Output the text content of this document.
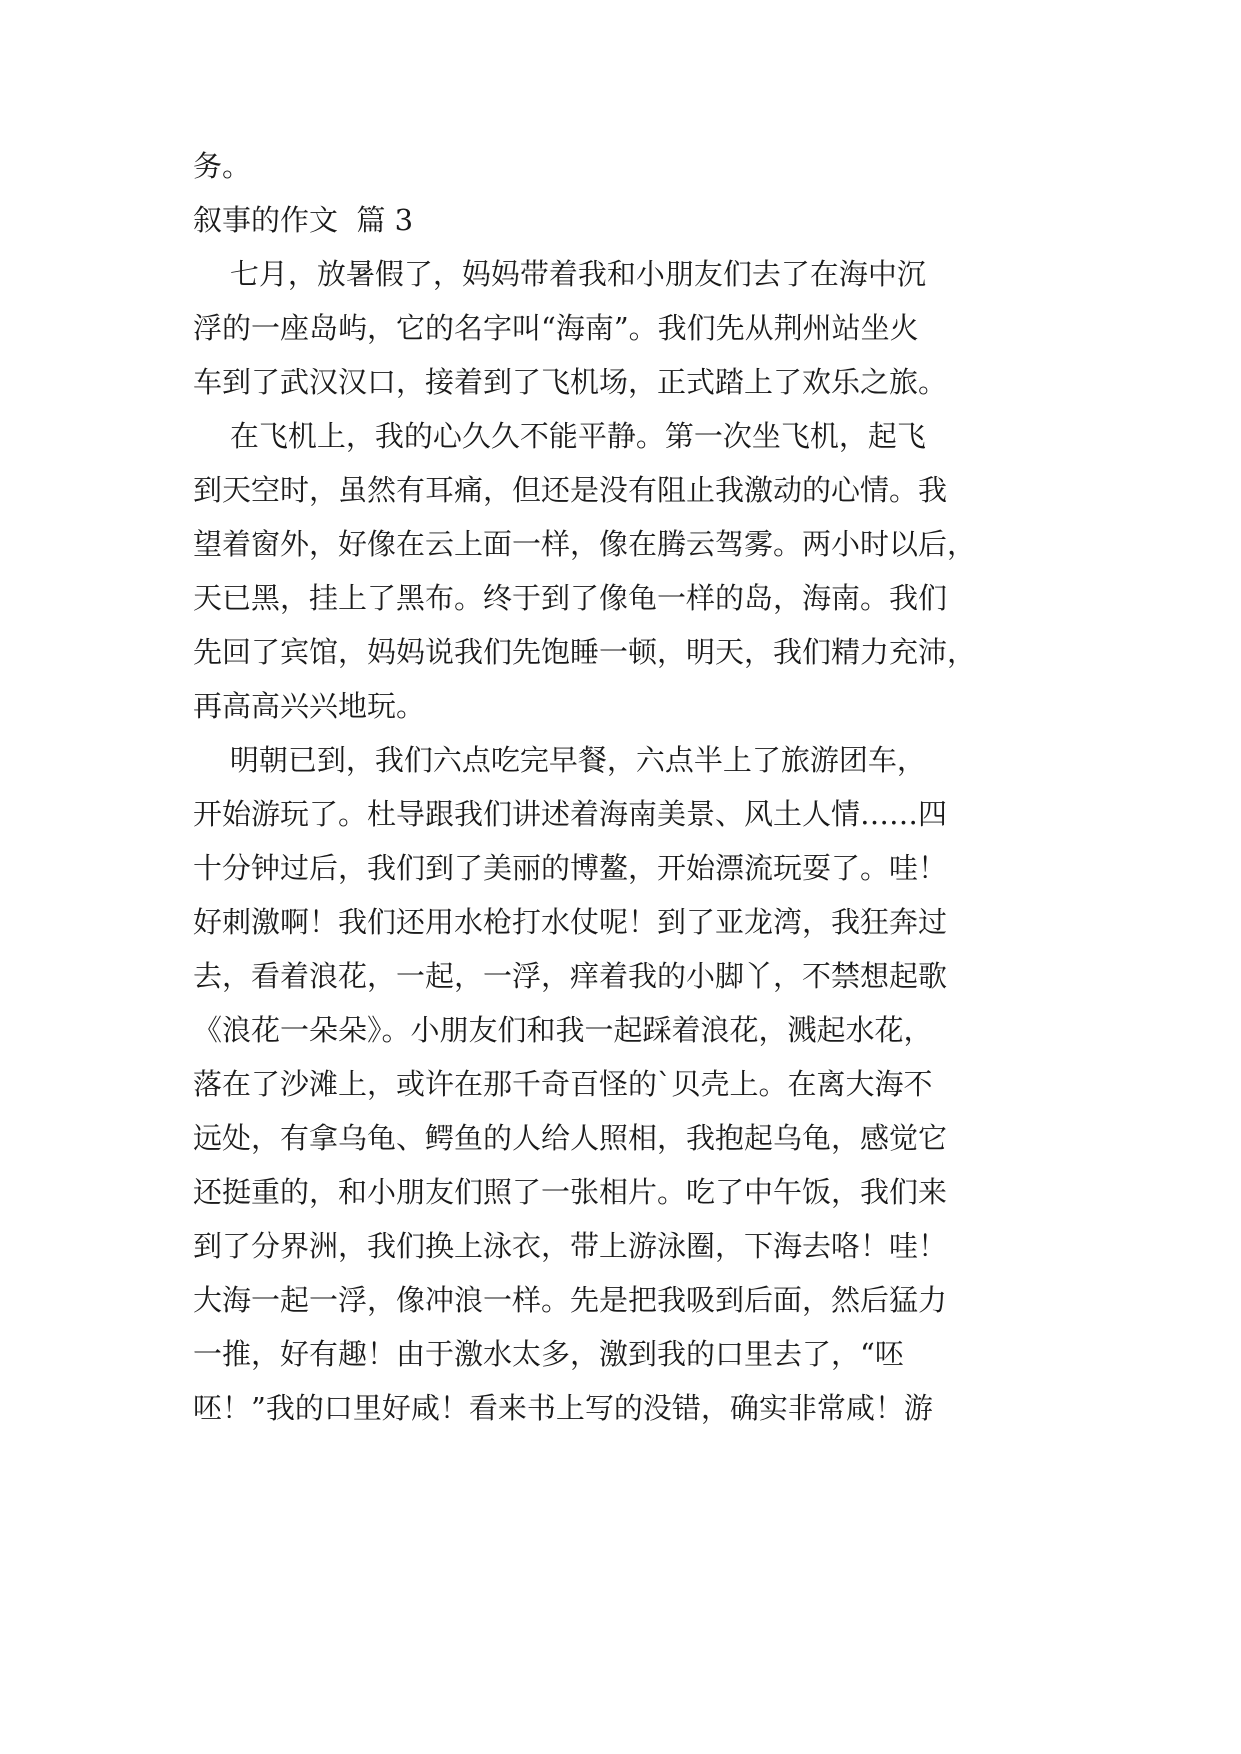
务。
叙事的作文  篇 3
七月，放暑假了，妈妈带着我和小朋友们去了在海中沉
浮的一座岛屿，它的名字叫“海南”。我们先从荆州站坐火
车到了武汉汉口，接着到了飞机场，正式踏上了欢乐之旅。
在飞机上，我的心久久不能平静。第一次坐飞机，起飞
到天空时，虽然有耳痛，但还是没有阻止我激动的心情。我
望着窗外，好像在云上面一样，像在腾云驾雾。两小时以后，
天已黑，挂上了黑布。终于到了像龟一样的岛，海南。我们
先回了宾馆，妈妈说我们先饱睡一顿，明天，我们精力充沛，
再高高兴兴地玩。
明朝已到，我们六点吃完早餐，六点半上了旅游团车，
开始游玩了。杜导跟我们讲述着海南美景、风土人情……四
十分钟过后，我们到了美丽的博鳌，开始漂流玩耍了。哇！
好刺激啊！我们还用水枪打水仗呢！到了亚龙湾，我狂奔过
去，看着浪花，一起，一浮，痒着我的小脚丫，不禁想起歌
《浪花一朵朵》。小朋友们和我一起踩着浪花，溅起水花，
落在了沙滩上，或许在那千奇百怪的`贝壳上。在离大海不
远处，有拿乌龟、鳄鱼的人给人照相，我抱起乌龟，感觉它
还挺重的，和小朋友们照了一张相片。吃了中午饭，我们来
到了分界洲，我们换上泳衣，带上游泳圈，下海去咯！哇！
大海一起一浮，像冲浪一样。先是把我吸到后面，然后猛力
一推，好有趣！由于激水太多，激到我的口里去了，“呸
呸！”我的口里好咸！看来书上写的没错，确实非常咸！游
